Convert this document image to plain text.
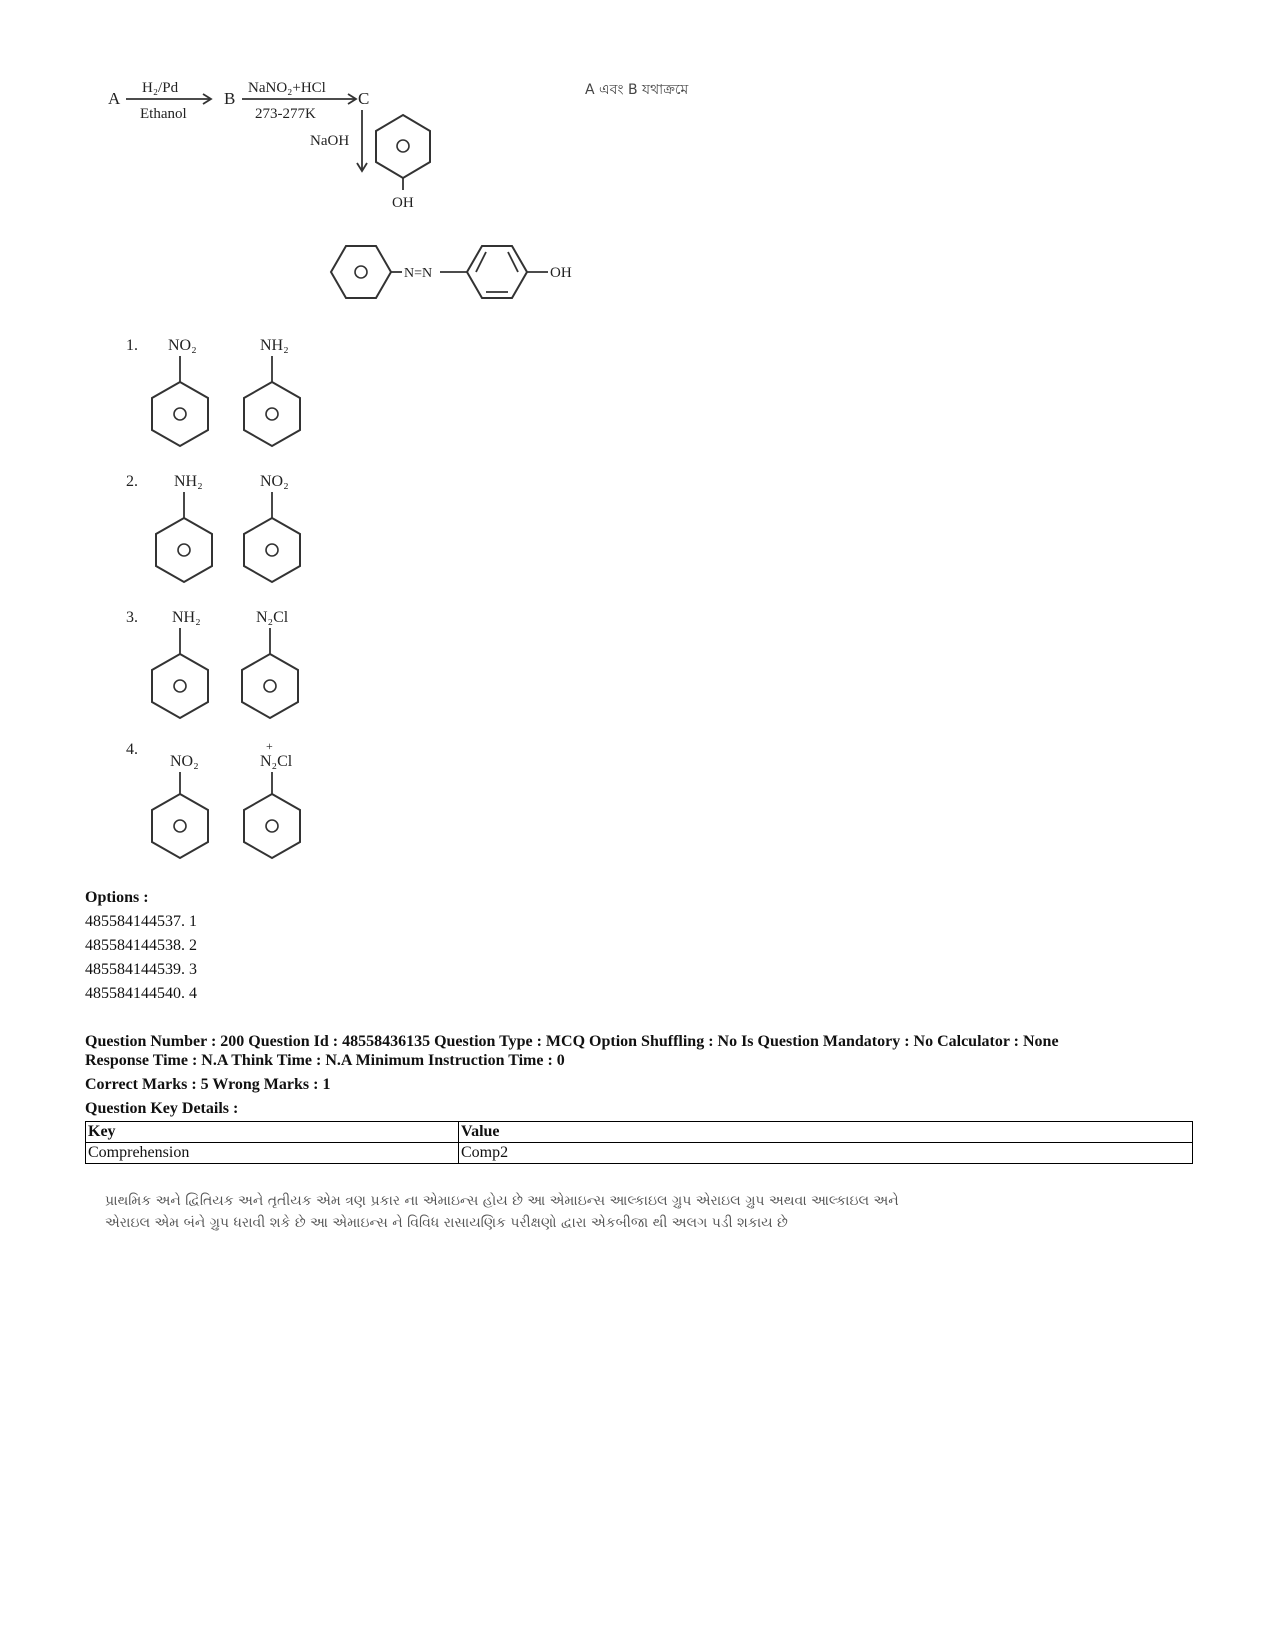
A
H₂/Pd
Ethanol
B
NaNO₂+HCl
273-277K
C
NaOH
OH
N=N	OH
A এবং B যথাক্রমে
1. NO₂	NH₂
2. NH₂	NO₂
3. NH₂	N₂Cl
4.
NO₂
+
N₂Cl
Options :
485584144537. 1
485584144538. 2
485584144539. 3
485584144540. 4
Question Number : 200 Question Id : 48558436135 Question Type : MCQ Option Shuffling : No Is Question Mandatory : No Calculator : None
Response Time : N.A Think Time : N.A Minimum Instruction Time : 0
Correct Marks : 5 Wrong Marks : 1
Question Key Details :
Key	Value
Comprehension	Comp2
પ્રાથમિક અને દ્વિતિયક અને તૃતીયક એમ ત્રણ પ્રકાર ના એમાઇન્સ હોય છે આ એમાઇન્સ આલ્કાઇલ ગ્રુપ એરાઇલ ગ્રુપ અથવા આલ્કાઇલ અને
એરાઇલ એમ બંને ગ્રુપ ધરાવી શકે છે આ એમાઇન્સ ને વિવિધ રાસાયણિક પરીક્ષણો દ્વારા એકબીજા થી અલગ પડી શકાય છે
